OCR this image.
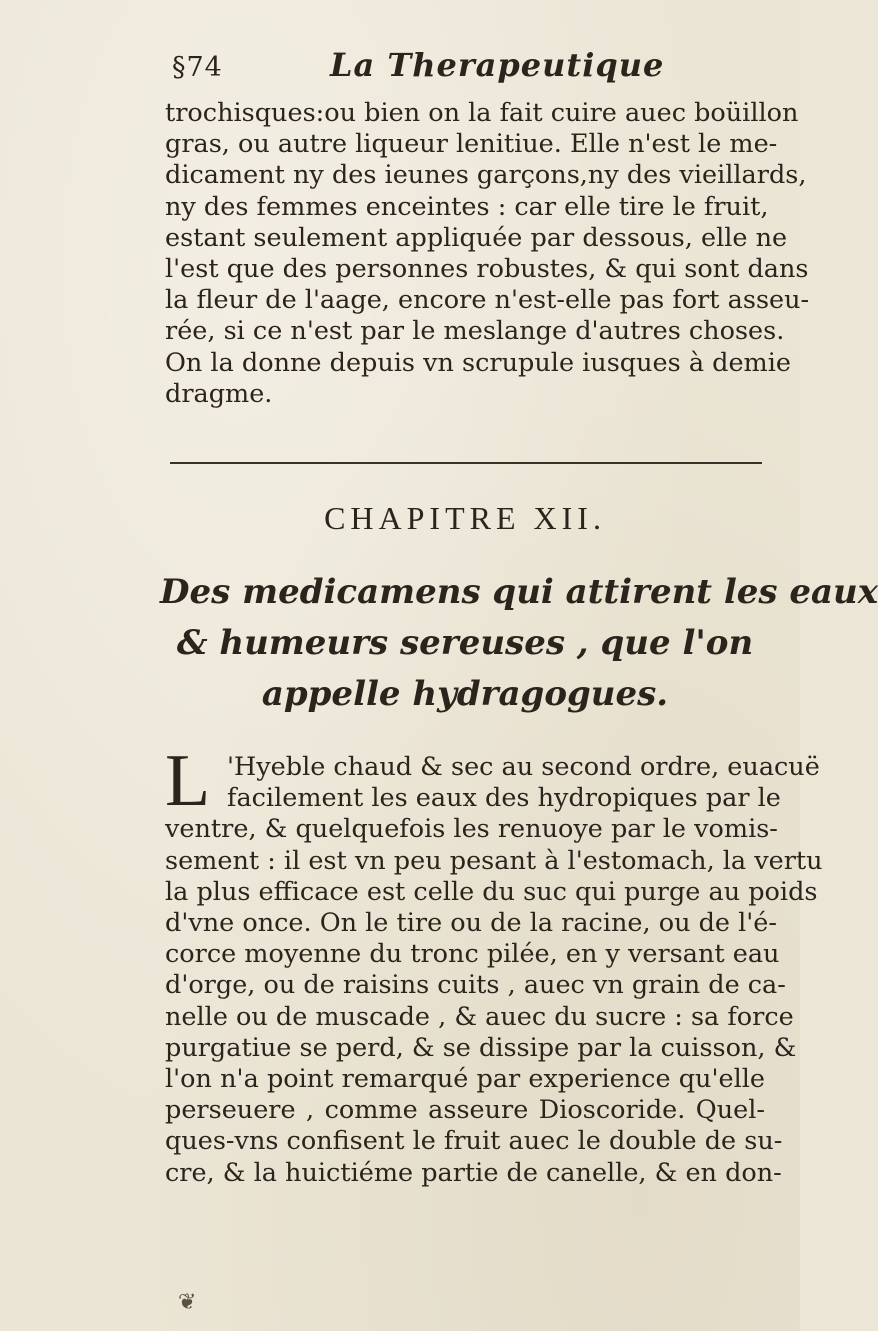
§74	La Therapeutique
trochisques:ou bien on la fait cuire auec boüillon
gras, ou autre liqueur lenitiue. Elle n'est le me-
dicament ny des ieunes garçons,ny des vieillards,
ny des femmes enceintes : car elle tire le fruit,
estant seulement appliquée par dessous, elle ne
l'est que des personnes robustes, & qui sont dans
la fleur de l'aage, encore n'est-elle pas fort asseu-
rée, si ce n'est par le meslange d'autres choses.
On la donne depuis vn scrupule iusques à demie
dragme.
CHAPITRE XII.
Des medicamens qui attirent les eaux
& humeurs sereuses , que l'on
appelle hydragogues.
L 'Hyeble chaud & sec au second ordre, euacuë
facilement les eaux des hydropiques par le
ventre, & quelquefois les renuoye par le vomis-
sement : il est vn peu pesant à l'estomach, la vertu
la plus efficace est celle du suc qui purge au poids
d'vne once. On le tire ou de la racine, ou de l'é-
corce moyenne du tronc pilée, en y versant eau
d'orge, ou de raisins cuits , auec vn grain de ca-
nelle ou de muscade , & auec du sucre : sa force
purgatiue se perd, & se dissipe par la cuisson, &
l'on n'a point remarqué par experience qu'elle
perseuere , comme asseure Dioscoride. Quel-
ques-vns confisent le fruit auec le double de su-
cre, & la huictiéme partie de canelle, & en don-
❦
